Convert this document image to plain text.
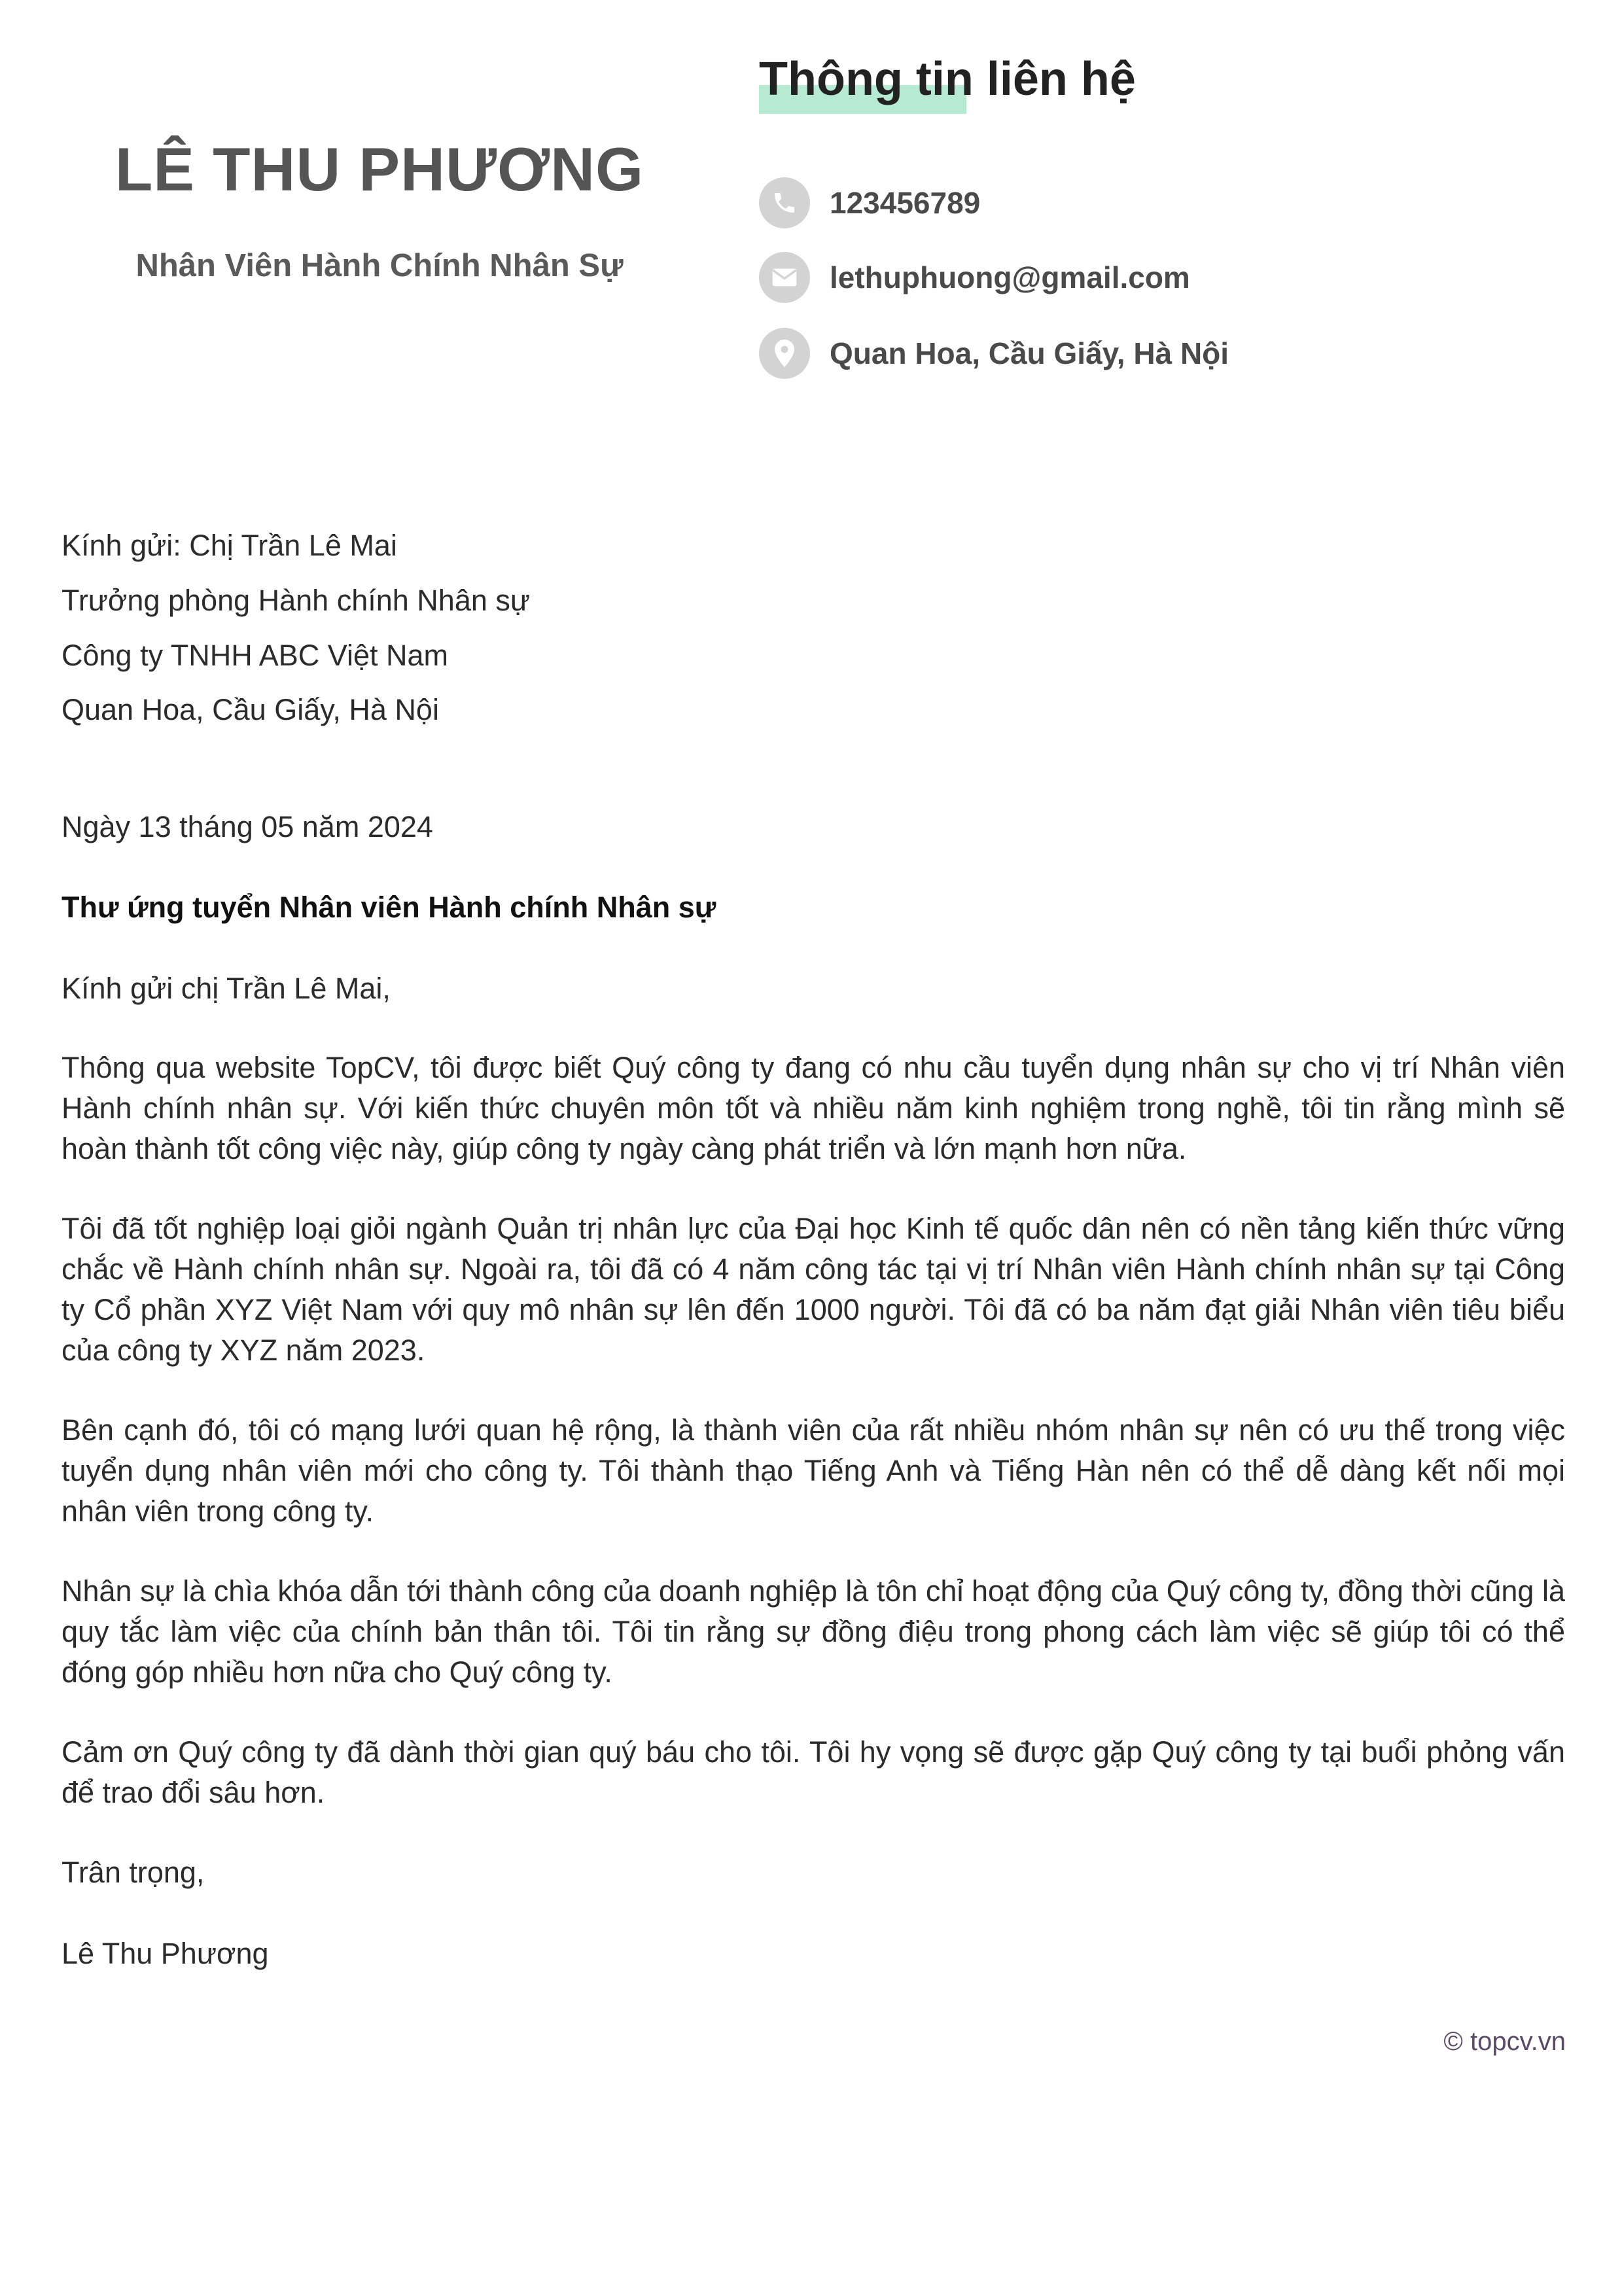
LÊ THU PHƯƠNG
Nhân Viên Hành Chính Nhân Sự
Thông tin liên hệ
123456789
lethuphuong@gmail.com
Quan Hoa, Cầu Giấy, Hà Nội
Kính gửi: Chị Trần Lê Mai
Trưởng phòng Hành chính Nhân sự
Công ty TNHH ABC Việt Nam
Quan Hoa, Cầu Giấy, Hà Nội
Ngày 13 tháng 05 năm 2024
Thư ứng tuyển Nhân viên Hành chính Nhân sự
Kính gửi chị Trần Lê Mai,
Thông qua website TopCV, tôi được biết Quý công ty đang có nhu cầu tuyển dụng nhân sự cho vị trí Nhân viên Hành chính nhân sự. Với kiến thức chuyên môn tốt và nhiều năm kinh nghiệm trong nghề, tôi tin rằng mình sẽ hoàn thành tốt công việc này, giúp công ty ngày càng phát triển và lớn mạnh hơn nữa.
Tôi đã tốt nghiệp loại giỏi ngành Quản trị nhân lực của Đại học Kinh tế quốc dân nên có nền tảng kiến thức vững chắc về Hành chính nhân sự. Ngoài ra, tôi đã có 4 năm công tác tại vị trí Nhân viên Hành chính nhân sự tại Công ty Cổ phần XYZ Việt Nam với quy mô nhân sự lên đến 1000 người. Tôi đã có ba năm đạt giải Nhân viên tiêu biểu của công ty XYZ năm 2023.
Bên cạnh đó, tôi có mạng lưới quan hệ rộng, là thành viên của rất nhiều nhóm nhân sự nên có ưu thế trong việc tuyển dụng nhân viên mới cho công ty. Tôi thành thạo Tiếng Anh và Tiếng Hàn nên có thể dễ dàng kết nối mọi nhân viên trong công ty.
Nhân sự là chìa khóa dẫn tới thành công của doanh nghiệp là tôn chỉ hoạt động của Quý công ty, đồng thời cũng là quy tắc làm việc của chính bản thân tôi. Tôi tin rằng sự đồng điệu trong phong cách làm việc sẽ giúp tôi có thể đóng góp nhiều hơn nữa cho Quý công ty.
Cảm ơn Quý công ty đã dành thời gian quý báu cho tôi. Tôi hy vọng sẽ được gặp Quý công ty tại buổi phỏng vấn để trao đổi sâu hơn.
Trân trọng,
Lê Thu Phương
© topcv.vn
